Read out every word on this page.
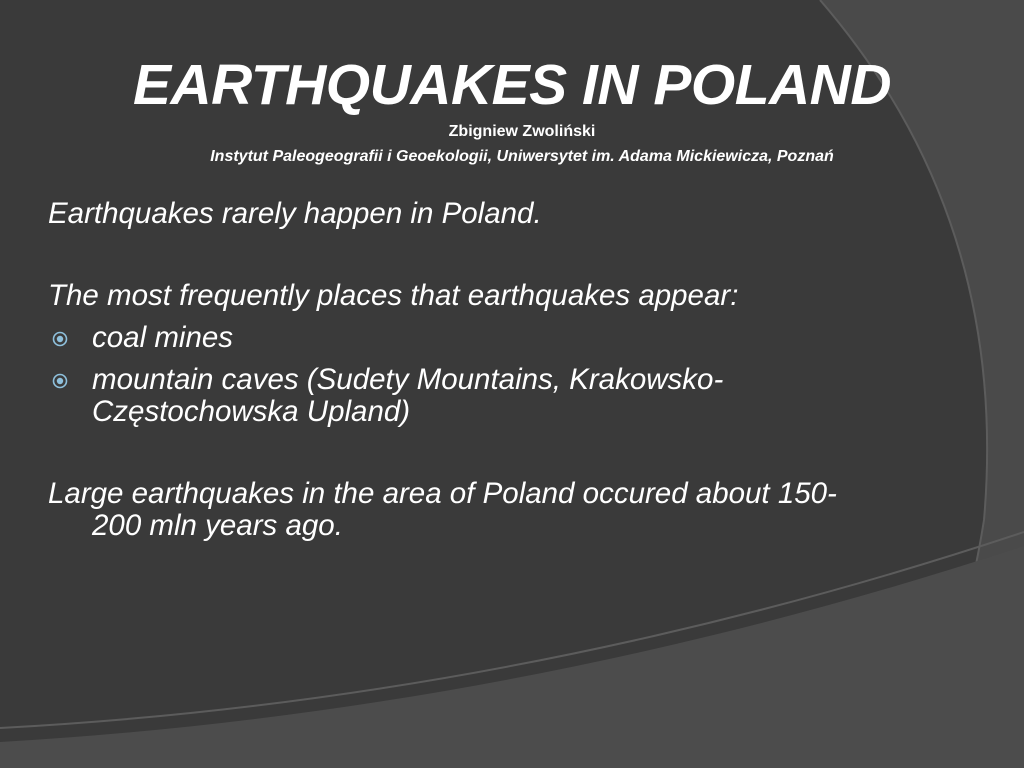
EARTHQUAKES IN POLAND
Zbigniew Zwoliński
Instytut Paleogeografii i Geoekologii, Uniwersytet im. Adama Mickiewicza, Poznań
Earthquakes rarely happen in Poland.
The most frequently places that earthquakes appear:
coal mines
mountain caves (Sudety Mountains, Krakowsko-
Częstochowska Upland)
Large earthquakes in the area of Poland occured about 150-
200 mln years ago.
